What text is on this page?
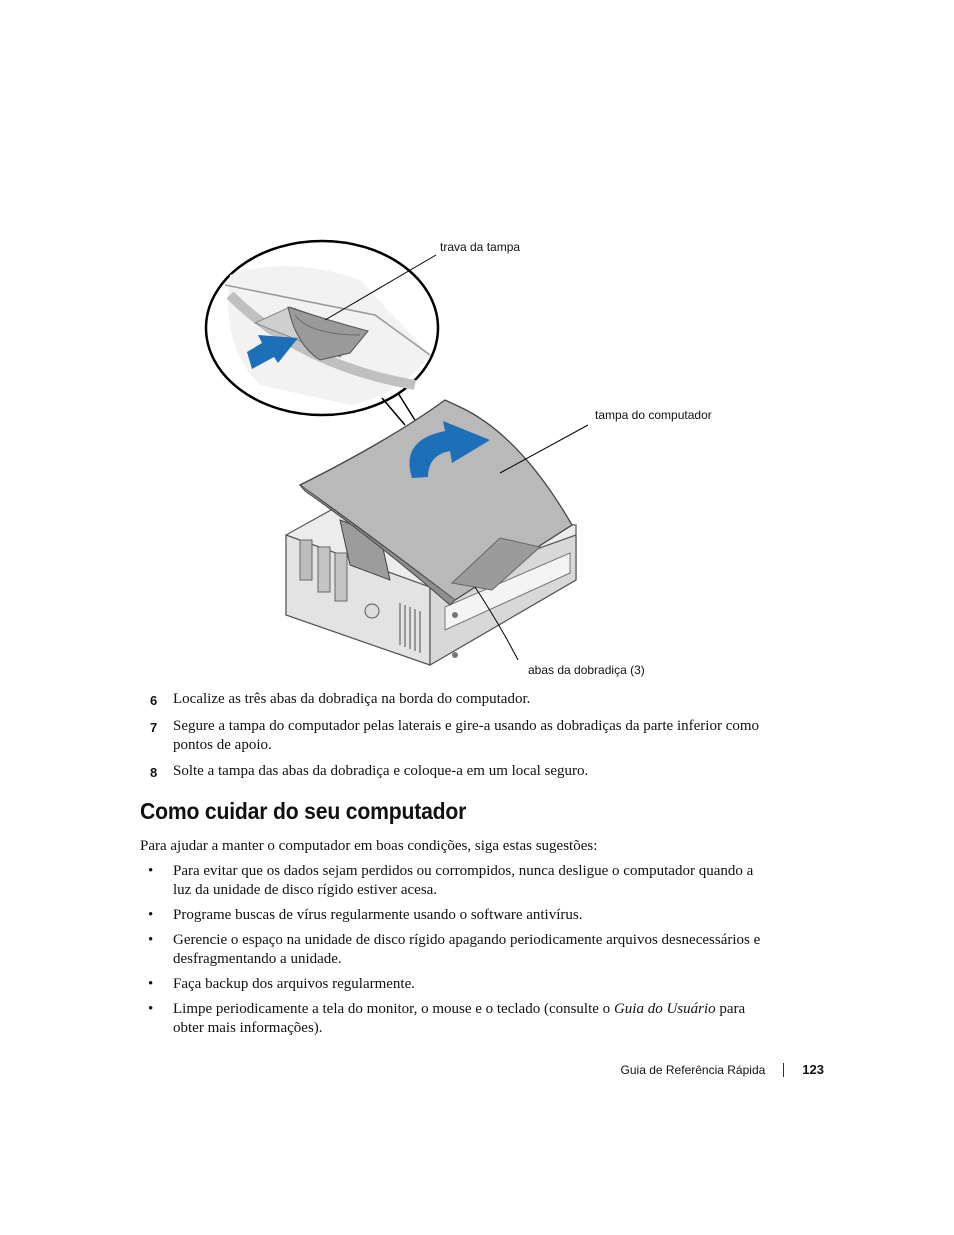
trava da tampa
tampa do computador
abas da dobradiça (3)
6	Localize as três abas da dobradiça na borda do computador.
7	Segure a tampa do computador pelas laterais e gire-a usando as dobradiças da parte inferior como pontos de apoio.
8	Solte a tampa das abas da dobradiça e coloque-a em um local seguro.
Como cuidar do seu computador
Para ajudar a manter o computador em boas condições, siga estas sugestões:
•	Para evitar que os dados sejam perdidos ou corrompidos, nunca desligue o computador quando a luz da unidade de disco rígido estiver acesa.
•	Programe buscas de vírus regularmente usando o software antivírus.
•	Gerencie o espaço na unidade de disco rígido apagando periodicamente arquivos desnecessários e desfragmentando a unidade.
•	Faça backup dos arquivos regularmente.
•	Limpe periodicamente a tela do monitor, o mouse e o teclado (consulte o Guia do Usuário para obter mais informações).
Guia de Referência Rápida	123
